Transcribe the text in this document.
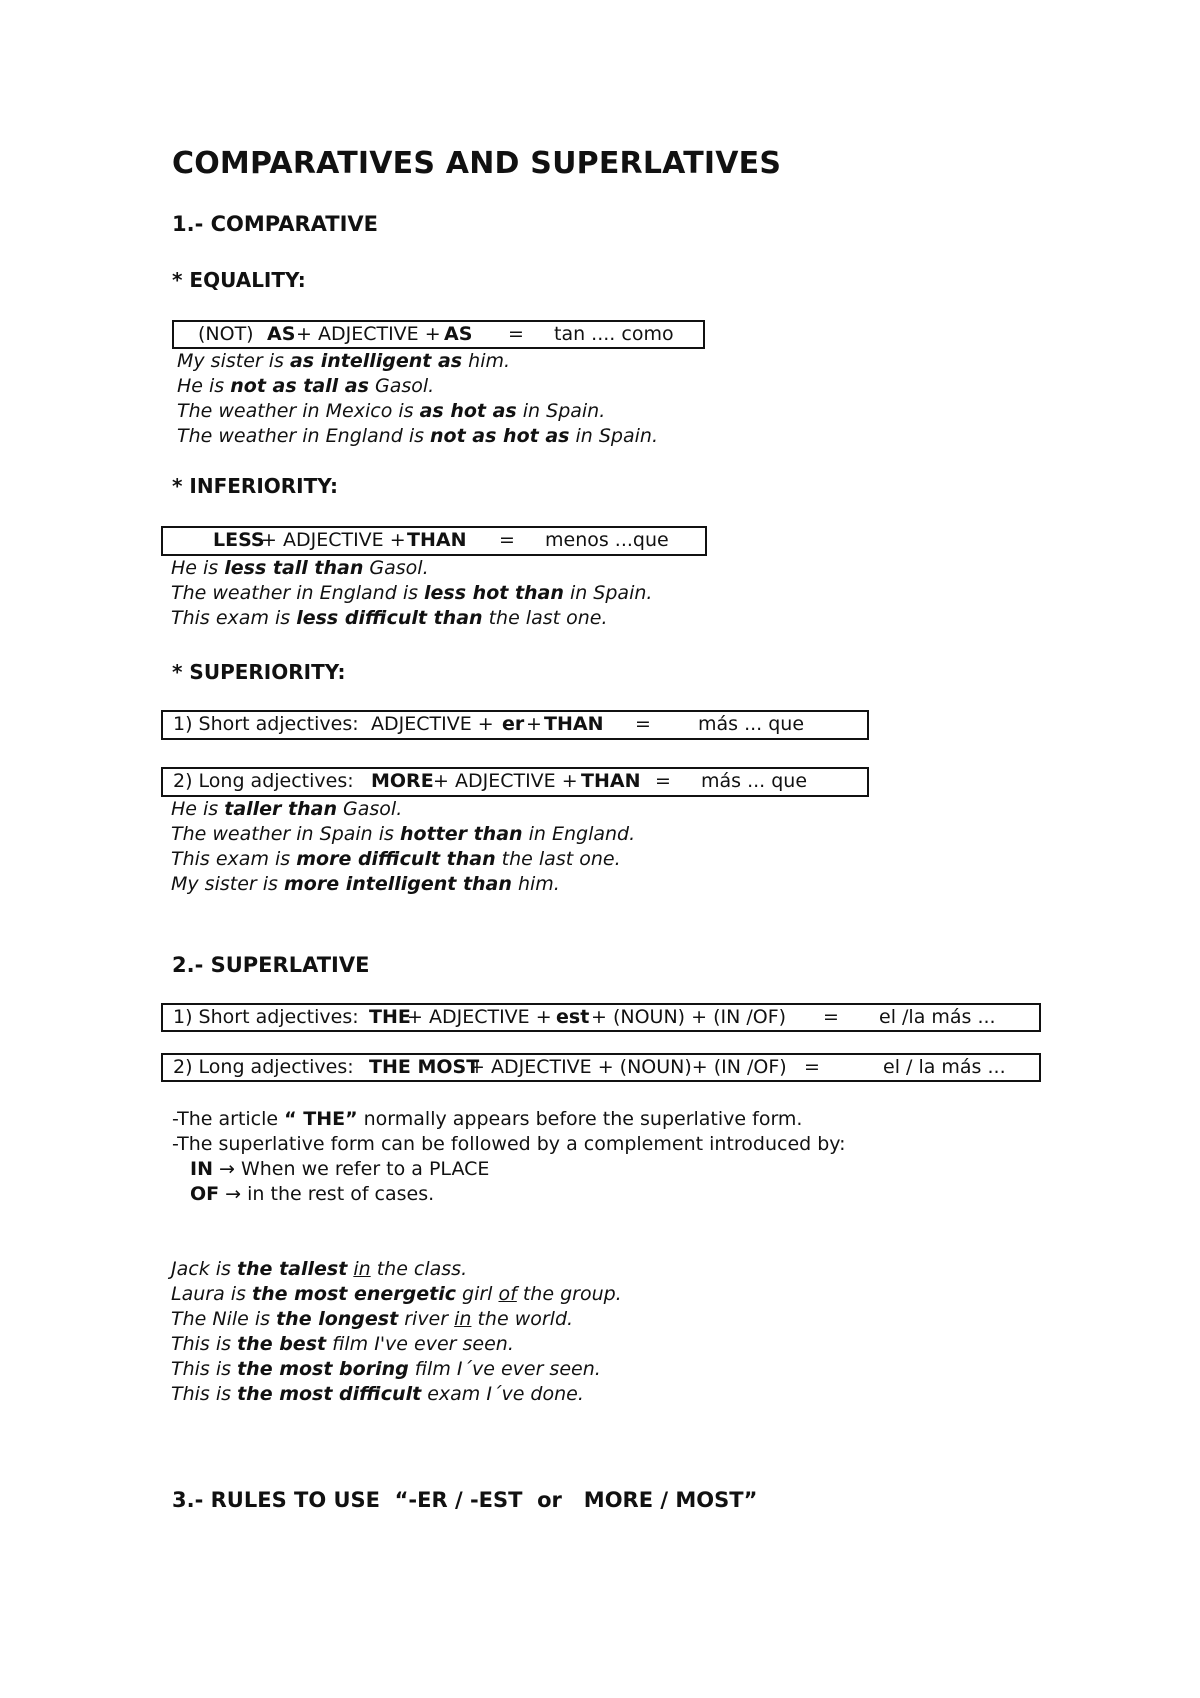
COMPARATIVES AND SUPERLATIVES
1.- COMPARATIVE
* EQUALITY:
(NOT) AS + ADJECTIVE + AS = tan .... como
My sister is as intelligent as him.
He is not as tall as Gasol.
The weather in Mexico is as hot as in Spain.
The weather in England is not as hot as in Spain.
* INFERIORITY:
LESS
+ ADJECTIVE + THAN = menos ...que
He is less tall than Gasol.
The weather in England is less hot than in Spain.
This exam is less difficult than the last one.
* SUPERIORITY:
1) Short adjectives: ADJECTIVE + er + THAN = más ... que
2) Long adjectives: MORE + ADJECTIVE + THAN = más ... que
He is taller than Gasol.
The weather in Spain is hotter than in England.
This exam is more difficult than the last one.
My sister is more intelligent than him.
2.- SUPERLATIVE
1) Short adjectives: THE
+ ADJECTIVE + est + (NOUN) + (IN /OF) = el /la más ...
2) Long adjectives: THE MOST
+ ADJECTIVE + (NOUN)+ (IN /OF) =	el / la más ...
-The article “ THE” normally appears before the superlative form.
-The superlative form can be followed by a complement introduced by:
IN → When we refer to a PLACE
OF → in the rest of cases.
Jack is the tallest in the class.
Laura is the most energetic girl of the group.
The Nile is the longest river in the world.
This is the best film I've ever seen.
This is the most boring film I´ve ever seen.
This is the most difficult exam I´ve done.
3.- RULES TO USE  “-ER / -EST  or   MORE / MOST”
